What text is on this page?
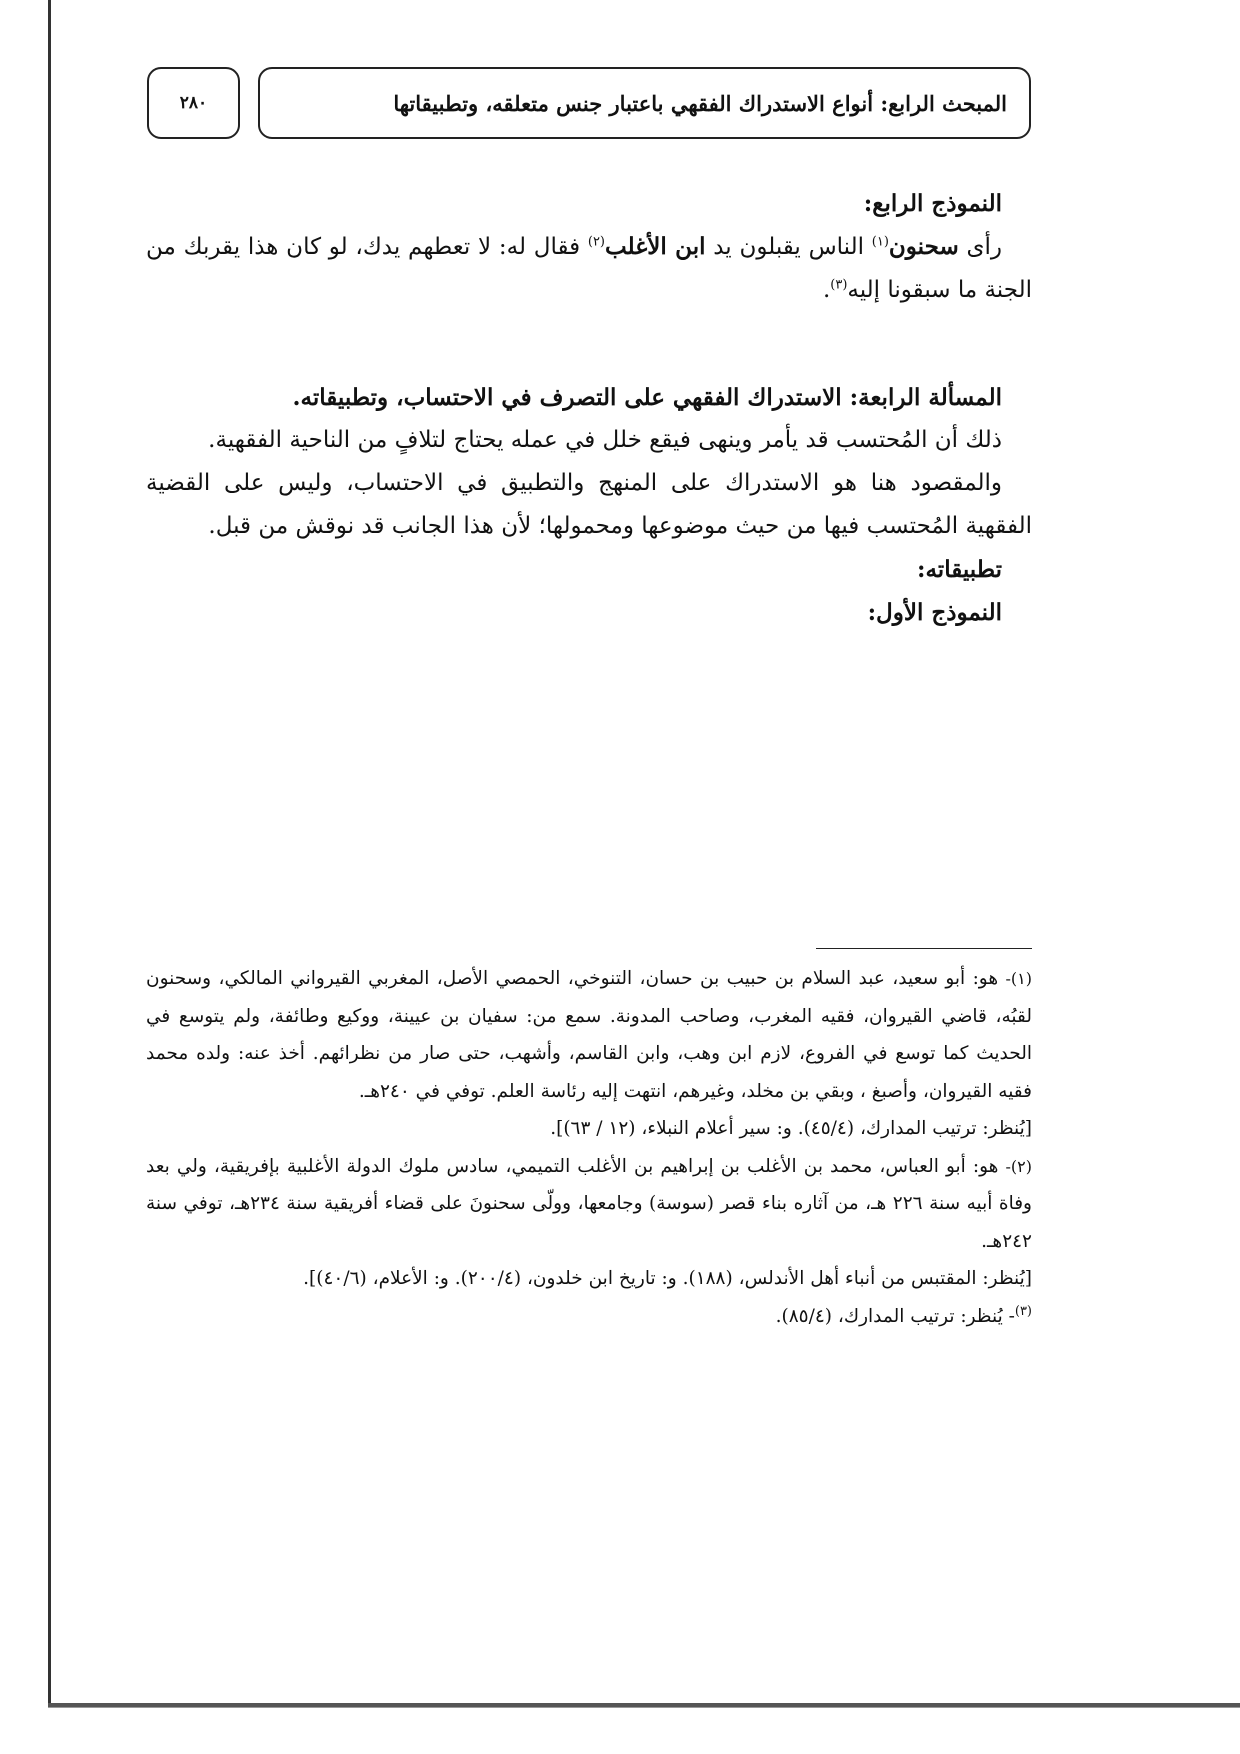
٢٨٠	المبحث الرابع: أنواع الاستدراك الفقهي باعتبار جنس متعلقه، وتطبيقاتها

النموذج الرابع:

رأى سحنون$^{(١)}$ الناس يقبلون يد ابن الأغلب$^{(٢)}$ فقال له: لا تعطهم يدك، لو كان هذا يقربك من الجنة ما سبقونا إليه$^{(٣)}$.

المسألة الرابعة: الاستدراك الفقهي على التصرف في الاحتساب، وتطبيقاته.

ذلك أن المُحتسب قد يأمر وينهى فيقع خلل في عمله يحتاج لتلافٍ من الناحية الفقهية.

والمقصود هنا هو الاستدراك على المنهج والتطبيق في الاحتساب، وليس على القضية الفقهية المُحتسب فيها من حيث موضوعها ومحمولها؛ لأن هذا الجانب قد نوقش من قبل.

تطبيقاته:

النموذج الأول:

(١)- هو: أبو سعيد، عبد السلام بن حبيب بن حسان، التنوخي، الحمصي الأصل، المغربي القيرواني المالكي، وسحنون لقبُه، قاضي القيروان، فقيه المغرب، وصاحب المدونة. سمع من: سفيان بن عيينة، ووكيع وطائفة، ولم يتوسع في الحديث كما توسع في الفروع، لازم ابن وهب، وابن القاسم، وأشهب، حتى صار من نظرائهم. أخذ عنه: ولده محمد فقيه القيروان، وأصبغ ، وبقي بن مخلد، وغيرهم، انتهت إليه رئاسة العلم. توفي في ٢٤٠هـ.

[يُنظر: ترتيب المدارك، (٤٥/٤). و: سير أعلام النبلاء، (١٢ / ٦٣)].

(٢)- هو: أبو العباس، محمد بن الأغلب بن إبراهيم بن الأغلب التميمي، سادس ملوك الدولة الأغلبية بإفريقية، ولي بعد وفاة أبيه سنة ٢٢٦ هـ، من آثاره بناء قصر (سوسة) وجامعها، وولّى سحنونَ على قضاء أفريقية سنة ٢٣٤هـ، توفي سنة ٢٤٢هـ.

[يُنظر: المقتبس من أنباء أهل الأندلس، (١٨٨). و: تاريخ ابن خلدون، (٢٠٠/٤). و: الأعلام، (٤٠/٦)].

$^{(٣)}$- يُنظر: ترتيب المدارك، (٨٥/٤).
